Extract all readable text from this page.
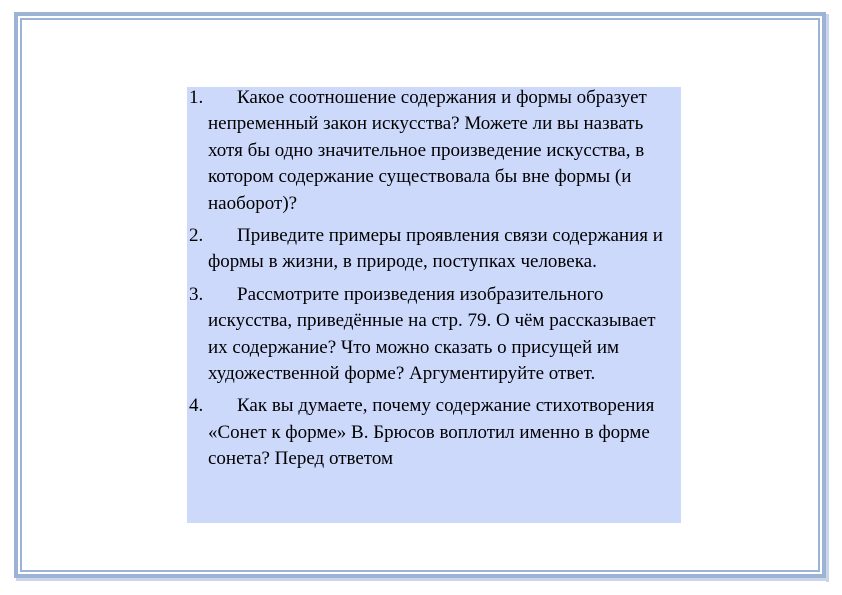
1. Какое соотношение содержания и формы образует непременный закон искусства? Можете ли вы назвать хотя бы одно значительное произведение искусства, в котором содержание существовала бы вне формы (и наоборот)?
2. Приведите примеры проявления связи содержания и формы в жизни, в природе, поступках человека.
3. Рассмотрите произведения изобразительного искусства, приведённые на стр. 79. О чём рассказывает их содержание? Что можно сказать о присущей им художественной форме? Аргументируйте ответ.
4. Как вы думаете, почему содержание стихотворения «Сонет к форме» В. Брюсов воплотил именно в форме сонета? Перед ответом
